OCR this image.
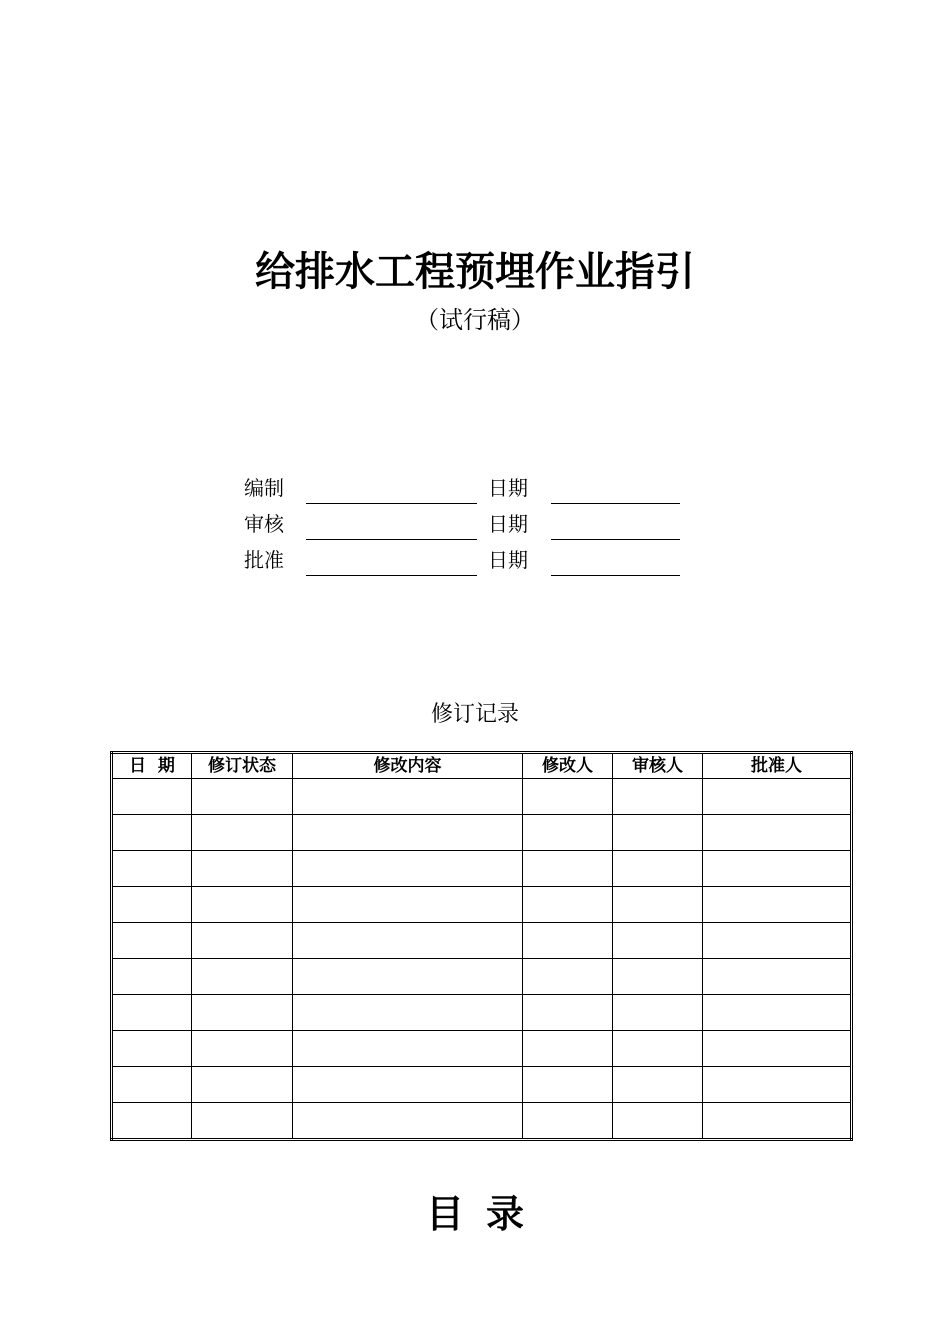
给排水工程预埋作业指引
（试行稿）
编制	日期
审核	日期
批准	日期
修订记录
日  期	修订状态	修改内容	修改人	审核人	批准人

目录
